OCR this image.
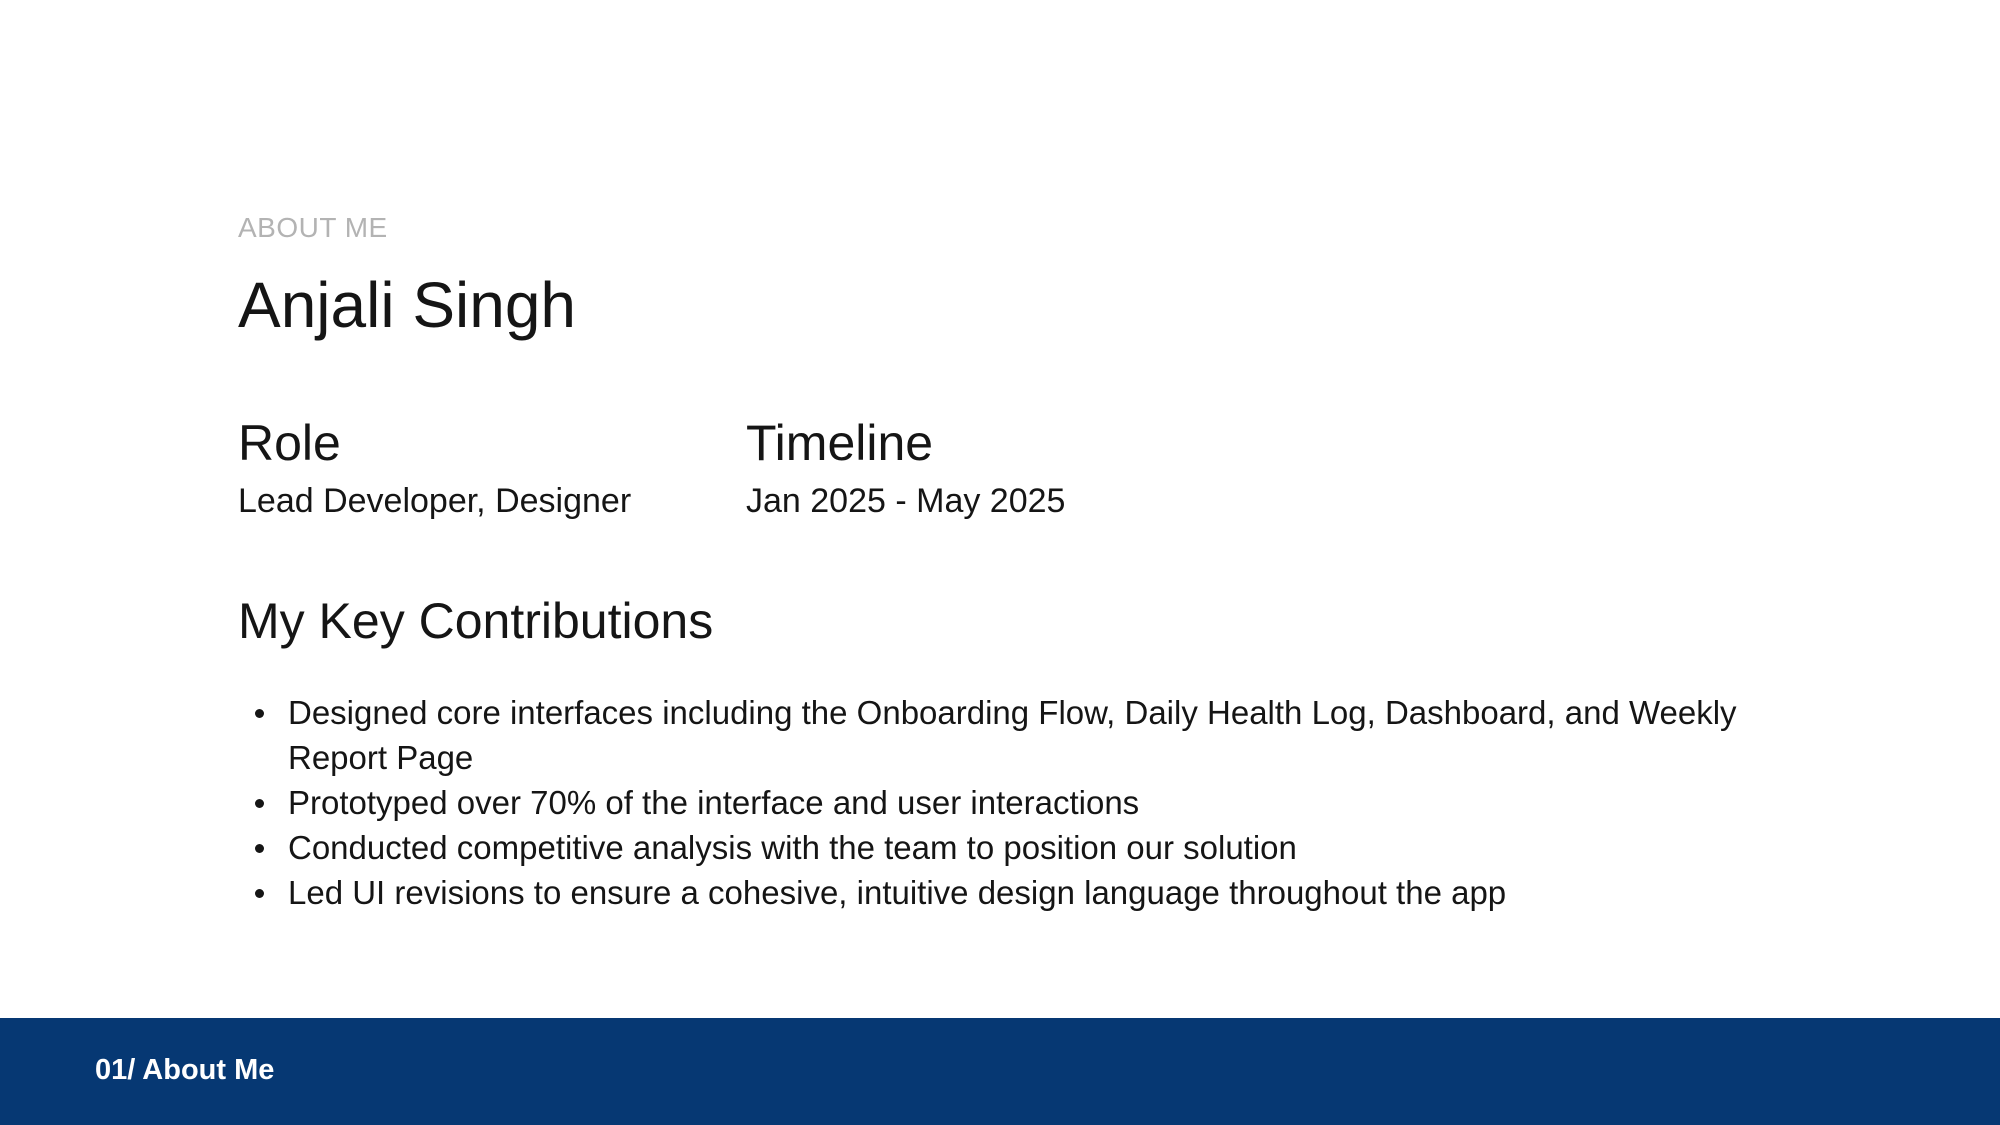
ABOUT ME
Anjali Singh
Role
Lead Developer, Designer
Timeline
Jan 2025 - May 2025
My Key Contributions
Designed core interfaces including the Onboarding Flow, Daily Health Log, Dashboard, and Weekly Report Page
Prototyped over 70% of the interface and user interactions
Conducted competitive analysis with the team to position our solution
Led UI revisions to ensure a cohesive, intuitive design language throughout the app
01/ About Me
